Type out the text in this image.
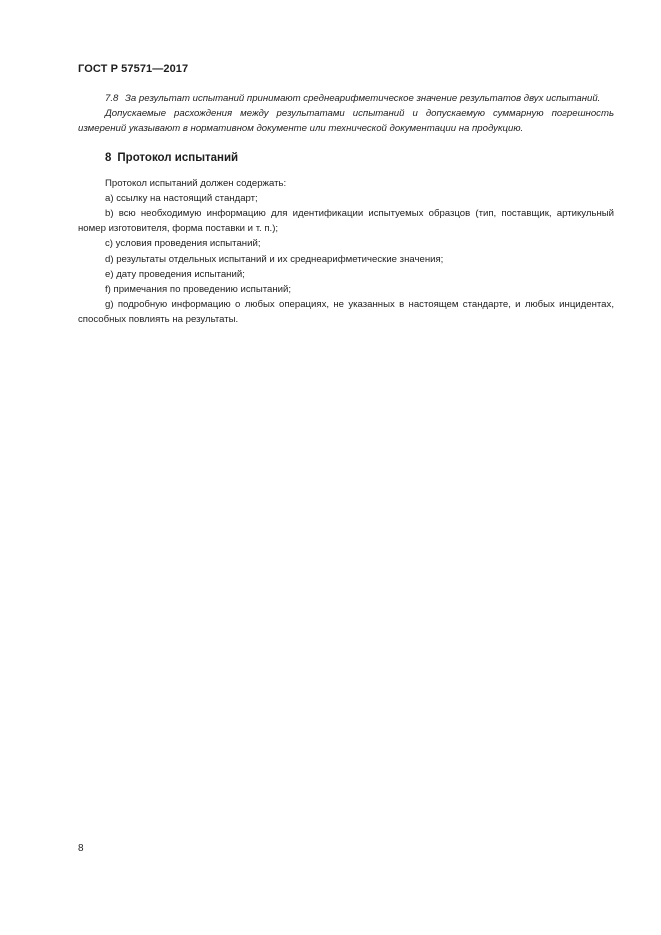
ГОСТ Р 57571—2017

7.8 За результат испытаний принимают среднеарифметическое значение результатов двух испытаний.

Допускаемые расхождения между результатами испытаний и допускаемую суммарную погрешность измерений указывают в нормативном документе или технической документации на продукцию.

8 Протокол испытаний

Протокол испытаний должен содержать:

a) ссылку на настоящий стандарт;

b) всю необходимую информацию для идентификации испытуемых образцов (тип, поставщик, артикульный номер изготовителя, форма поставки и т. п.);

c) условия проведения испытаний;

d) результаты отдельных испытаний и их среднеарифметические значения;

e) дату проведения испытаний;

f) примечания по проведению испытаний;

g) подробную информацию о любых операциях, не указанных в настоящем стандарте, и любых инцидентах, способных повлиять на результаты.

8
